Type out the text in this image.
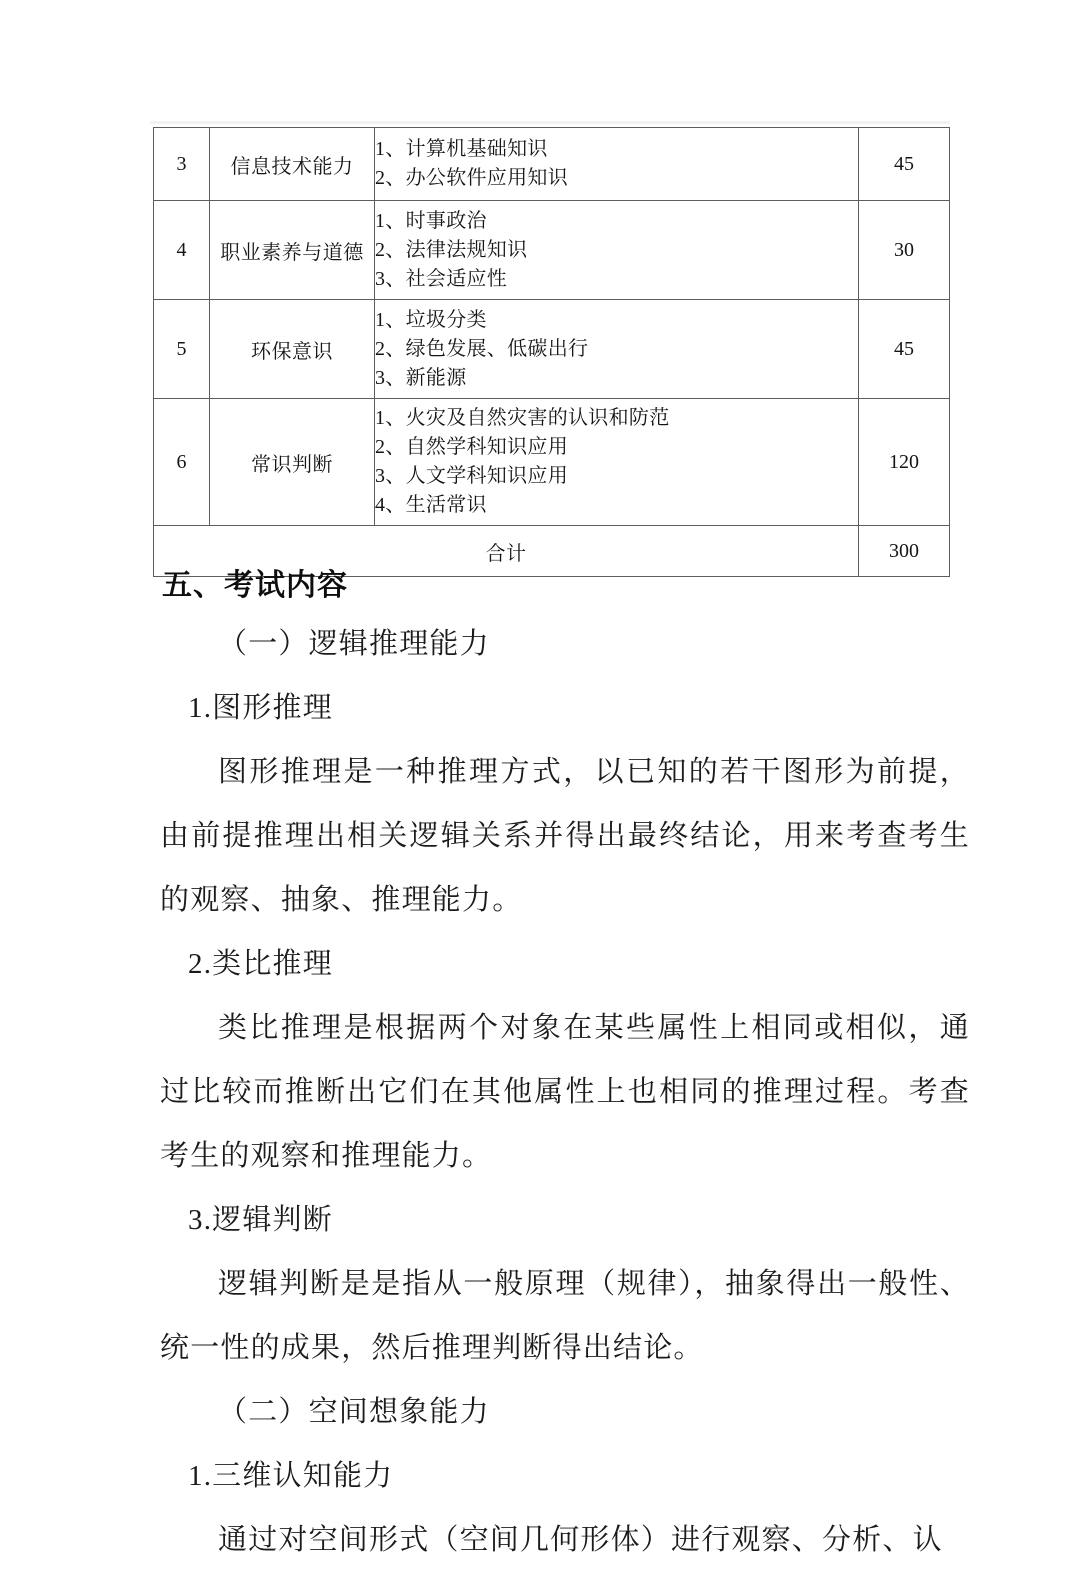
3	信息技术能力	1、计算机基础知识
2、办公软件应用知识	45
4	职业素养与道德	1、时事政治
2、法律法规知识
3、社会适应性	30
5	环保意识	1、垃圾分类
2、绿色发展、低碳出行
3、新能源	45
6	常识判断	1、火灾及自然灾害的认识和防范
2、自然学科知识应用
3、人文学科知识应用
4、生活常识	120
合计			300
五、考试内容

（一）逻辑推理能力

1.图形推理

图形推理是一种推理方式，以已知的若干图形为前提，由前提推理出相关逻辑关系并得出最终结论，用来考查考生的观察、抽象、推理能力。

2.类比推理

类比推理是根据两个对象在某些属性上相同或相似，通过比较而推断出它们在其他属性上也相同的推理过程。考查考生的观察和推理能力。

3.逻辑判断

逻辑判断是是指从一般原理（规律），抽象得出一般性、统一性的成果，然后推理判断得出结论。

（二）空间想象能力

1.三维认知能力

通过对空间形式（空间几何形体）进行观察、分析、认
